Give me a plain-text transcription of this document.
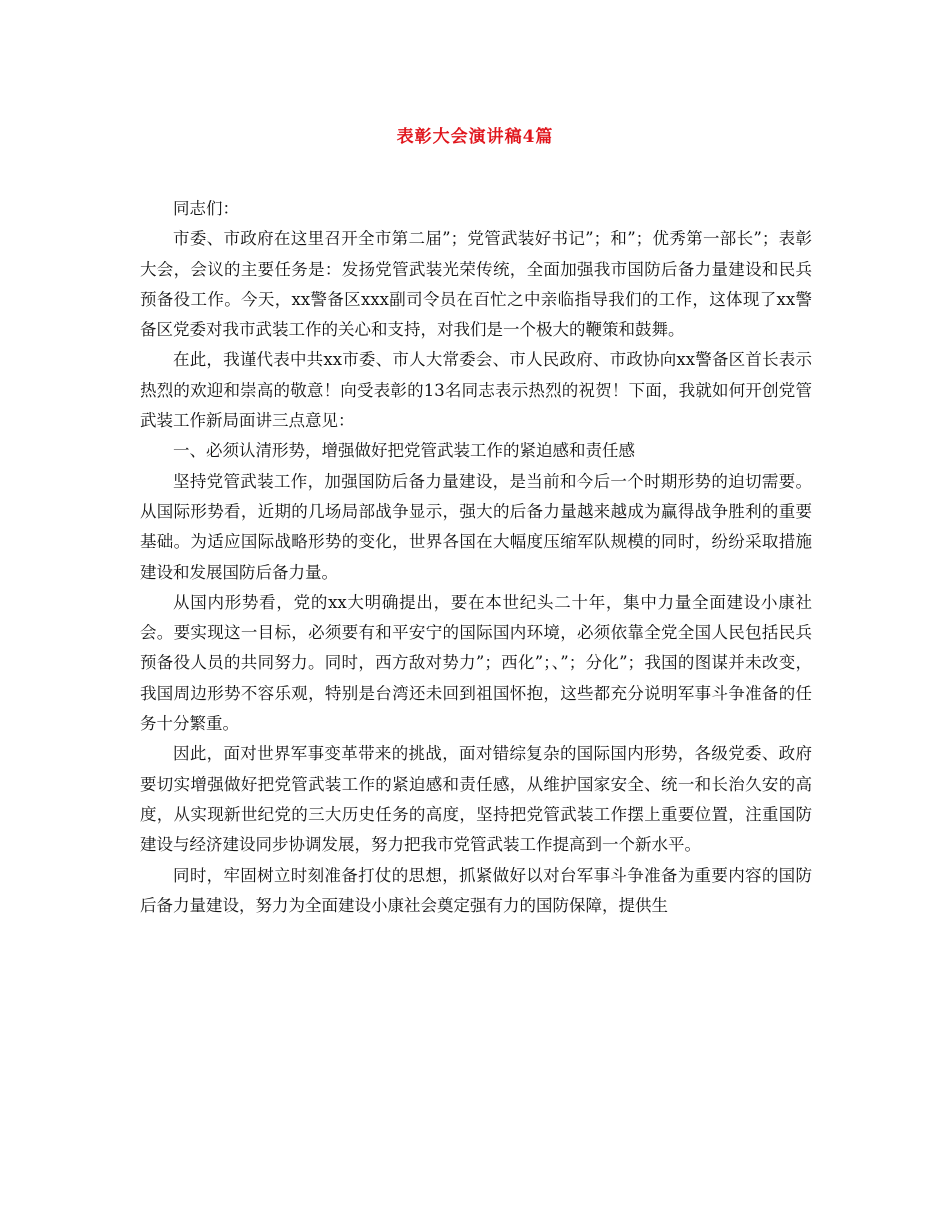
表彰大会演讲稿4篇

同志们：

市委、市政府在这里召开全市第二届”；党管武装好书记”；和”；优秀第一部长”；表彰大会，会议的主要任务是：发扬党管武装光荣传统，全面加强我市国防后备力量建设和民兵预备役工作。今天，xx警备区xxx副司令员在百忙之中亲临指导我们的工作，这体现了xx警备区党委对我市武装工作的关心和支持，对我们是一个极大的鞭策和鼓舞。

在此，我谨代表中共xx市委、市人大常委会、市人民政府、市政协向xx警备区首长表示热烈的欢迎和崇高的敬意！向受表彰的13名同志表示热烈的祝贺！下面，我就如何开创党管武装工作新局面讲三点意见：

一、必须认清形势，增强做好把党管武装工作的紧迫感和责任感

坚持党管武装工作，加强国防后备力量建设，是当前和今后一个时期形势的迫切需要。从国际形势看，近期的几场局部战争显示，强大的后备力量越来越成为赢得战争胜利的重要基础。为适应国际战略形势的变化，世界各国在大幅度压缩军队规模的同时，纷纷采取措施建设和发展国防后备力量。

从国内形势看，党的xx大明确提出，要在本世纪头二十年，集中力量全面建设小康社会。要实现这一目标，必须要有和平安宁的国际国内环境，必须依靠全党全国人民包括民兵预备役人员的共同努力。同时，西方敌对势力”；西化”；、”；分化”；我国的图谋并未改变，我国周边形势不容乐观，特别是台湾还未回到祖国怀抱，这些都充分说明军事斗争准备的任务十分繁重。

因此，面对世界军事变革带来的挑战，面对错综复杂的国际国内形势，各级党委、政府要切实增强做好把党管武装工作的紧迫感和责任感，从维护国家安全、统一和长治久安的高度，从实现新世纪党的三大历史任务的高度，坚持把党管武装工作摆上重要位置，注重国防建设与经济建设同步协调发展，努力把我市党管武装工作提高到一个新水平。

同时，牢固树立时刻准备打仗的思想，抓紧做好以对台军事斗争准备为重要内容的国防后备力量建设，努力为全面建设小康社会奠定强有力的国防保障，提供生
